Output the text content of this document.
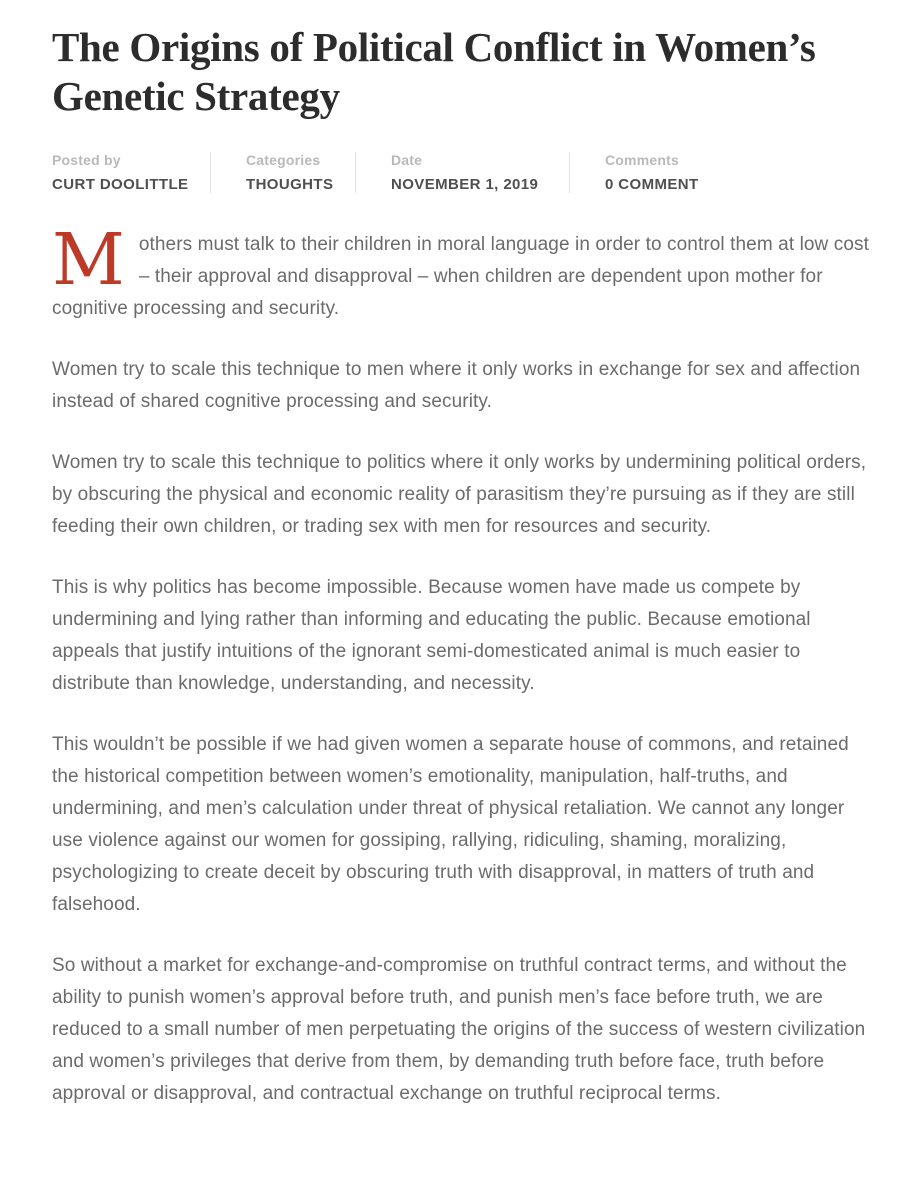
The Origins of Political Conflict in Women’s Genetic Strategy
Posted by
CURT DOOLITTLE
Categories
THOUGHTS
Date
NOVEMBER 1, 2019
Comments
0 COMMENT

Mothers must talk to their children in moral language in order to control them at low cost – their approval and disapproval – when children are dependent upon mother for cognitive processing and security.

Women try to scale this technique to men where it only works in exchange for sex and affection instead of shared cognitive processing and security.

Women try to scale this technique to politics where it only works by undermining political orders, by obscuring the physical and economic reality of parasitism they’re pursuing as if they are still feeding their own children, or trading sex with men for resources and security.

This is why politics has become impossible. Because women have made us compete by undermining and lying rather than informing and educating the public. Because emotional appeals that justify intuitions of the ignorant semi-domesticated animal is much easier to distribute than knowledge, understanding, and necessity.

This wouldn’t be possible if we had given women a separate house of commons, and retained the historical competition between women’s emotionality, manipulation, half-truths, and undermining, and men’s calculation under threat of physical retaliation. We cannot any longer use violence against our women for gossiping, rallying, ridiculing, shaming, moralizing, psychologizing to create deceit by obscuring truth with disapproval, in matters of truth and falsehood.

So without a market for exchange-and-compromise on truthful contract terms, and without the ability to punish women’s approval before truth, and punish men’s face before truth, we are reduced to a small number of men perpetuating the origins of the success of western civilization and women’s privileges that derive from them, by demanding truth before face, truth before approval or disapproval, and contractual exchange on truthful reciprocal terms.
